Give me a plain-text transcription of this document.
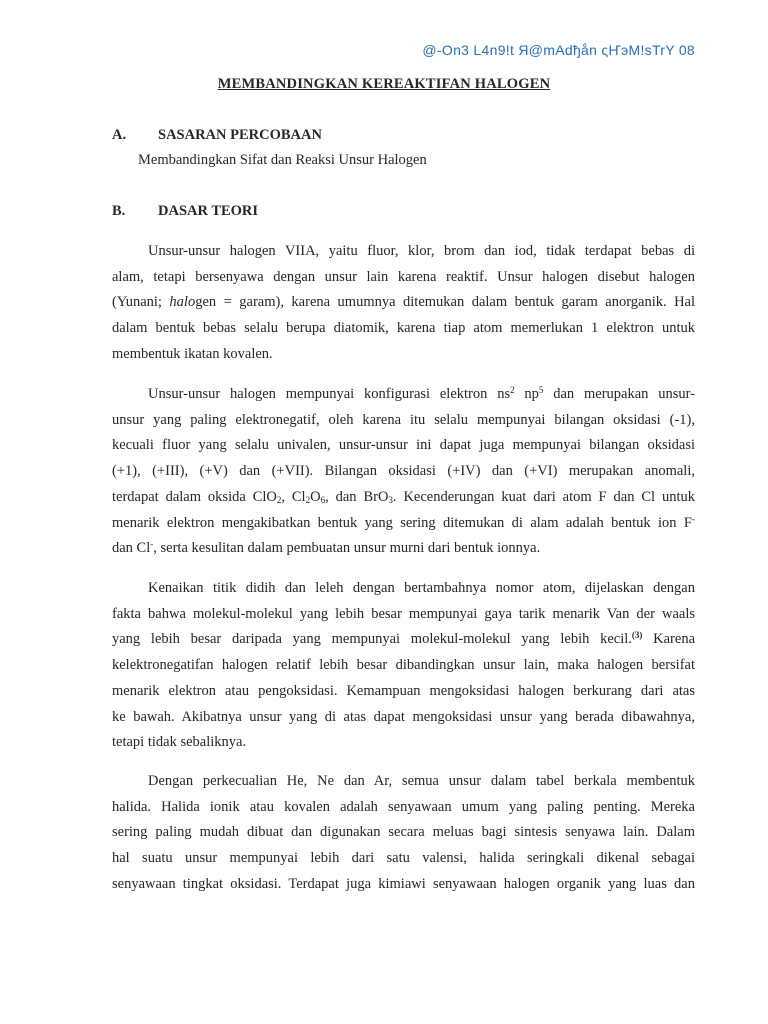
@-On3 L4n9!t Я@mAdђån ςҤэM!sTrY 08
MEMBANDINGKAN KEREAKTIFAN HALOGEN
A. SASARAN PERCOBAAN
Membandingkan Sifat dan Reaksi Unsur Halogen
B. DASAR TEORI
Unsur-unsur halogen VIIA, yaitu fluor, klor, brom dan iod, tidak terdapat bebas di
alam, tetapi bersenyawa dengan unsur lain karena reaktif. Unsur halogen disebut halogen
(Yunani; halogen = garam), karena umumnya ditemukan dalam bentuk garam anorganik. Hal
dalam bentuk bebas selalu berupa diatomik, karena tiap atom memerlukan 1 elektron untuk
membentuk ikatan kovalen.
Unsur-unsur halogen mempunyai konfigurasi elektron $ns^2$ $np^5$ dan merupakan unsur-
unsur yang paling elektronegatif, oleh karena itu selalu mempunyai bilangan oksidasi (-1),
kecuali fluor yang selalu univalen, unsur-unsur ini dapat juga mempunyai bilangan oksidasi
(+1), (+III), (+V) dan (+VII). Bilangan oksidasi (+IV) dan (+VI) merupakan anomali,
terdapat dalam oksida ClO$_2$, $Cl_2O_6$, dan BrO$_3$. Kecenderungan kuat dari atom F dan Cl untuk
menarik elektron mengakibatkan bentuk yang sering ditemukan di alam adalah bentuk ion F-
dan Cl-, serta kesulitan dalam pembuatan unsur murni dari bentuk ionnya.
Kenaikan titik didih dan leleh dengan bertambahnya nomor atom, dijelaskan dengan
fakta bahwa molekul-molekul yang lebih besar mempunyai gaya tarik menarik Van der waals
yang lebih besar daripada yang mempunyai molekul-molekul yang lebih kecil.$^{(3)}$ Karena
kelektronegatifan halogen relatif lebih besar dibandingkan unsur lain, maka halogen bersifat
menarik elektron atau pengoksidasi. Kemampuan mengoksidasi halogen berkurang dari atas
ke bawah. Akibatnya unsur yang di atas dapat mengoksidasi unsur yang berada dibawahnya,
tetapi tidak sebaliknya.
Dengan perkecualian He, Ne dan Ar, semua unsur dalam tabel berkala membentuk
halida. Halida ionik atau kovalen adalah senyawaan umum yang paling penting. Mereka
sering paling mudah dibuat dan digunakan secara meluas bagi sintesis senyawa lain. Dalam
hal suatu unsur mempunyai lebih dari satu valensi, halida seringkali dikenal sebagai
senyawaan tingkat oksidasi. Terdapat juga kimiawi senyawaan halogen organik yang luas dan
